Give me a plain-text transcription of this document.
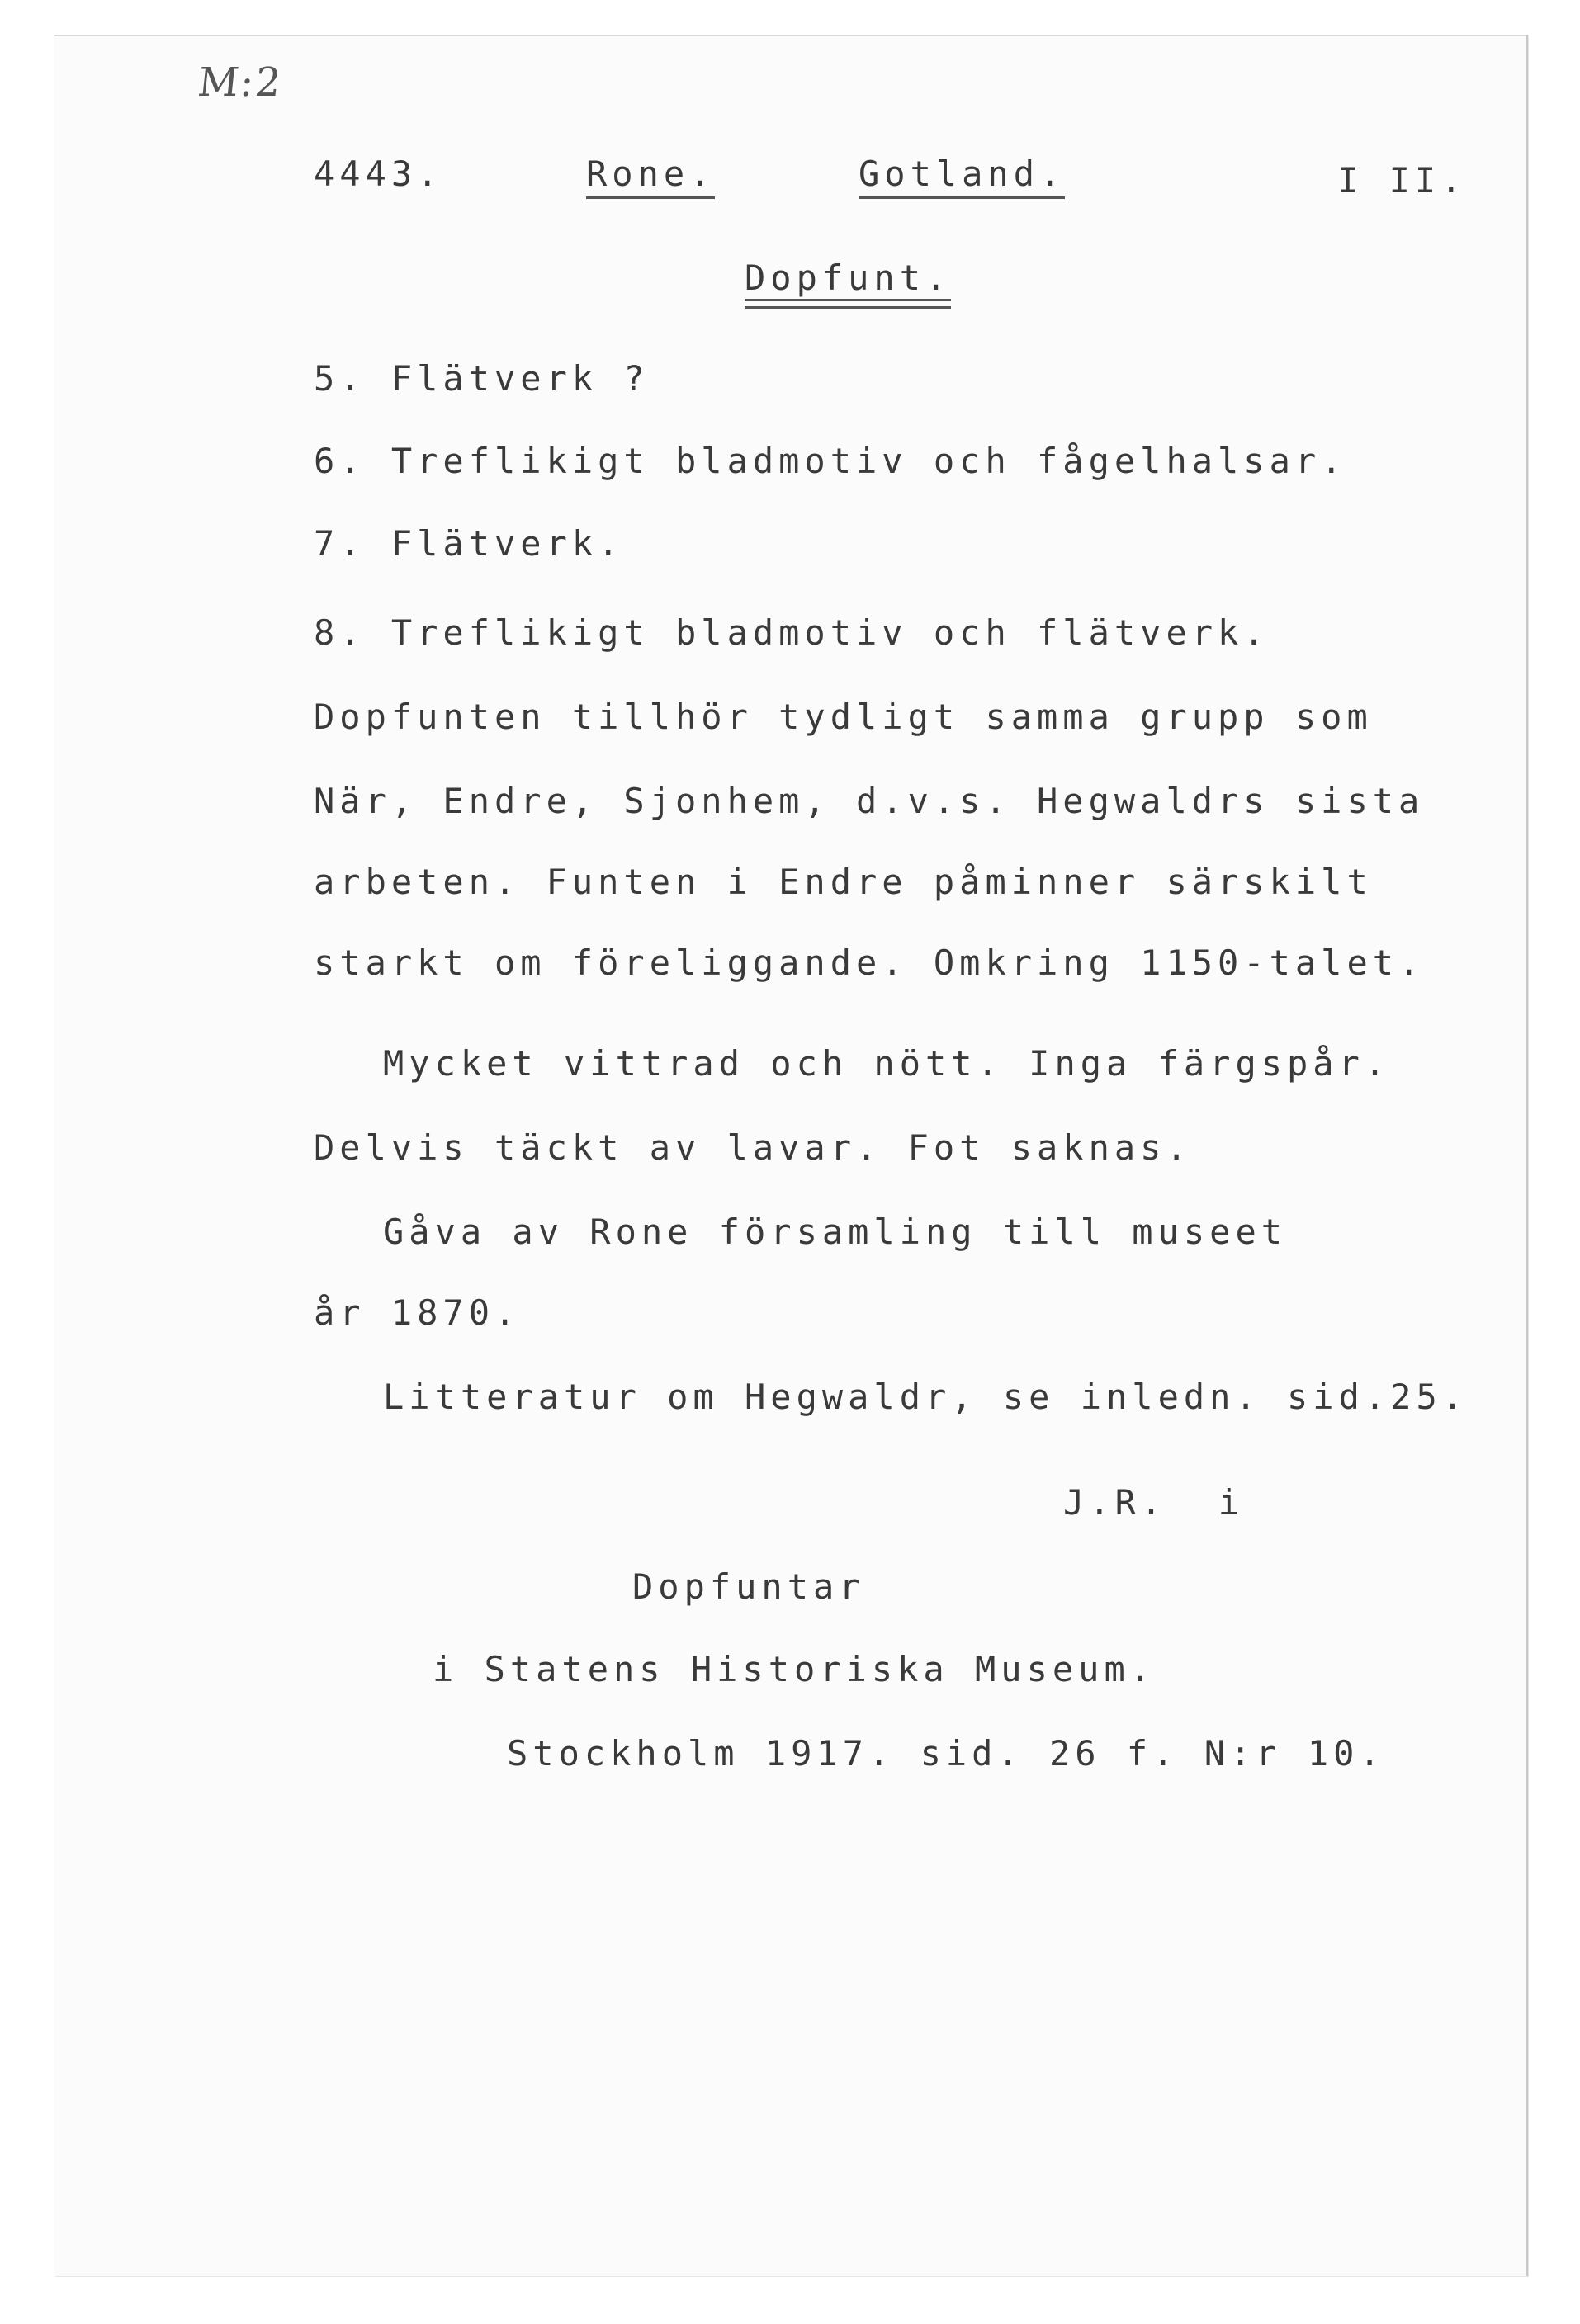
M:2
4443.	Rone.	Gotland.	I II.
Dopfunt.
5. Flätverk ?
6. Treflikigt bladmotiv och fågelhalsar.
7. Flätverk.
8. Treflikigt bladmotiv och flätverk.
Dopfunten tillhör tydligt samma grupp som
När, Endre, Sjonhem, d.v.s. Hegwaldrs sista
arbeten. Funten i Endre påminner särskilt
starkt om föreliggande. Omkring 1150-talet.
Mycket vittrad och nött. Inga färgspår.
Delvis täckt av lavar. Fot saknas.
Gåva av Rone församling till museet
år 1870.
Litteratur om Hegwaldr, se inledn. sid.25.
J.R.  i
Dopfuntar
i Statens Historiska Museum.
Stockholm 1917. sid. 26 f. N:r 10.
